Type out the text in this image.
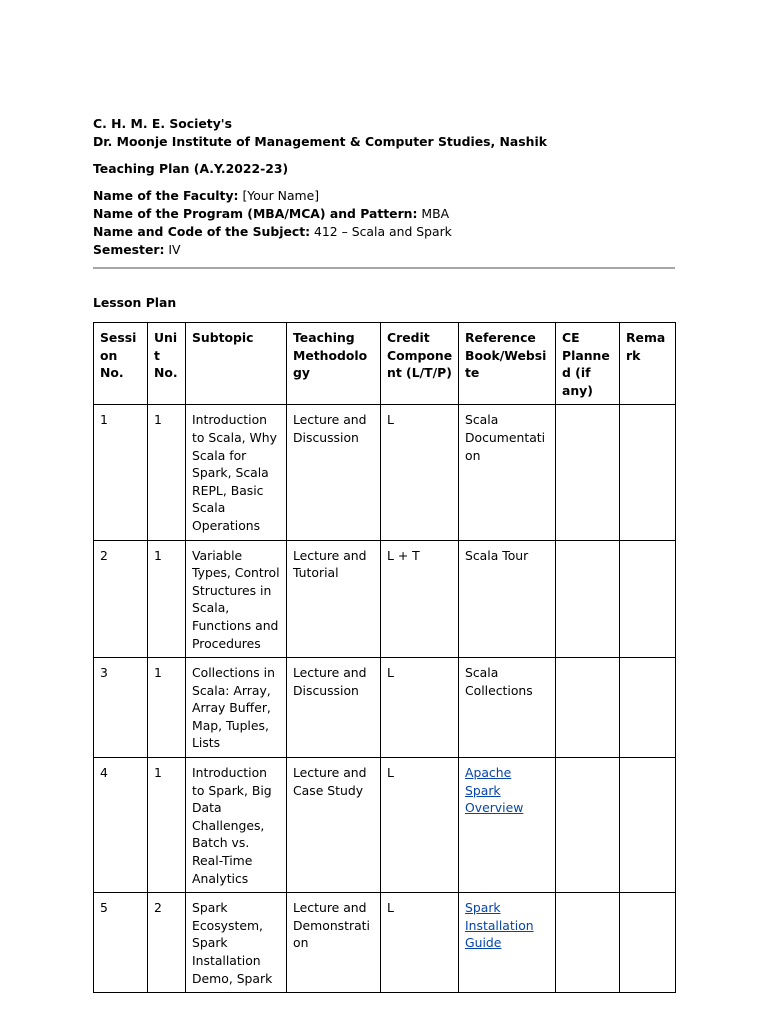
C. H. M. E. Society's
Dr. Moonje Institute of Management & Computer Studies, Nashik
Teaching Plan (A.Y.2022-23)
Name of the Faculty: [Your Name]
Name of the Program (MBA/MCA) and Pattern: MBA
Name and Code of the Subject: 412 – Scala and Spark
Semester: IV
Lesson Plan
Session No.	Unit No.	Subtopic	Teaching Methodology	Credit Component (L/T/P)	Reference Book/Website	CE Planned (if any)	Remark
1	1	Introduction to Scala, Why Scala for Spark, Scala REPL, Basic Scala Operations	Lecture and Discussion	L	Scala Documentation		
2	1	Variable Types, Control Structures in Scala, Functions and Procedures	Lecture and Tutorial	L + T	Scala Tour		
3	1	Collections in Scala: Array, Array Buffer, Map, Tuples, Lists	Lecture and Discussion	L	Scala Collections		
4	1	Introduction to Spark, Big Data Challenges, Batch vs. Real-Time Analytics	Lecture and Case Study	L	Apache Spark Overview		
5	2	Spark Ecosystem, Spark Installation Demo, Spark	Lecture and Demonstration	L	Spark Installation Guide		
